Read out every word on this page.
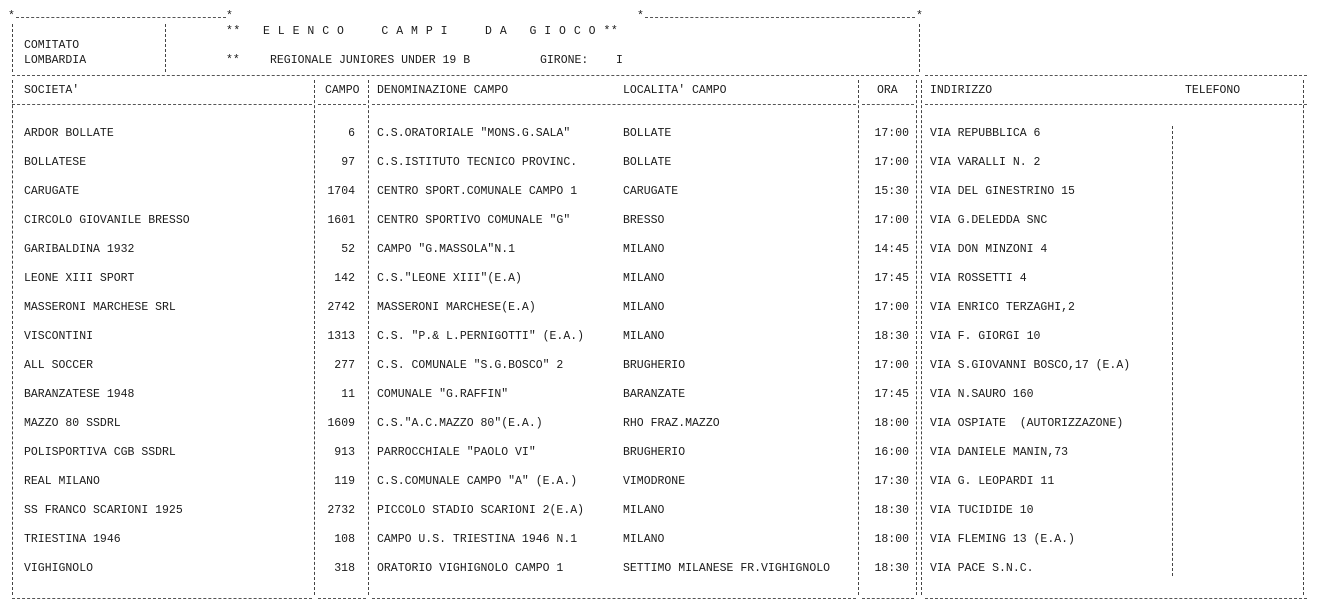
*	*	*	*
**   E L E N C O     C A M P I     D A   G I O C O **
COMITATO
LOMBARDIA	**	REGIONALE JUNIORES UNDER 19 B	GIRONE: I
SOCIETA'	CAMPO DENOMINAZIONE CAMPO	LOCALITA' CAMPO	ORA	INDIRIZZO	TELEFONO
ARDOR BOLLATE	6 C.S.ORATORIALE "MONS.G.SALA"	BOLLATE	17:00 VIA REPUBBLICA 6
BOLLATESE	97 C.S.ISTITUTO TECNICO PROVINC.	BOLLATE	17:00 VIA VARALLI N. 2
CARUGATE	1704 CENTRO SPORT.COMUNALE CAMPO 1	CARUGATE	15:30 VIA DEL GINESTRINO 15
CIRCOLO GIOVANILE BRESSO	1601 CENTRO SPORTIVO COMUNALE "G"	BRESSO	17:00 VIA G.DELEDDA SNC
GARIBALDINA 1932	52 CAMPO "G.MASSOLA"N.1	MILANO	14:45 VIA DON MINZONI 4
LEONE XIII SPORT	142 C.S."LEONE XIII"(E.A)	MILANO	17:45 VIA ROSSETTI 4
MASSERONI MARCHESE SRL	2742 MASSERONI MARCHESE(E.A)	MILANO	17:00 VIA ENRICO TERZAGHI,2
VISCONTINI	1313 C.S. "P.& L.PERNIGOTTI" (E.A.)	MILANO	18:30 VIA F. GIORGI 10
ALL SOCCER	277 C.S. COMUNALE "S.G.BOSCO" 2	BRUGHERIO	17:00 VIA S.GIOVANNI BOSCO,17 (E.A)
BARANZATESE 1948	11 COMUNALE "G.RAFFIN"	BARANZATE	17:45 VIA N.SAURO 160
MAZZO 80 SSDRL	1609 C.S."A.C.MAZZO 80"(E.A.)	RHO FRAZ.MAZZO	18:00 VIA OSPIATE  (AUTORIZZAZONE)
POLISPORTIVA CGB SSDRL	913 PARROCCHIALE "PAOLO VI"	BRUGHERIO	16:00 VIA DANIELE MANIN,73
REAL MILANO	119 C.S.COMUNALE CAMPO "A" (E.A.)	VIMODRONE	17:30 VIA G. LEOPARDI 11
SS FRANCO SCARIONI 1925	2732 PICCOLO STADIO SCARIONI 2(E.A)	MILANO	18:30 VIA TUCIDIDE 10
TRIESTINA 1946	108 CAMPO U.S. TRIESTINA 1946 N.1	MILANO	18:00 VIA FLEMING 13 (E.A.)
VIGHIGNOLO	318 ORATORIO VIGHIGNOLO CAMPO 1	SETTIMO MILANESE FR.VIGHIGNOLO	18:30 VIA PACE S.N.C.
